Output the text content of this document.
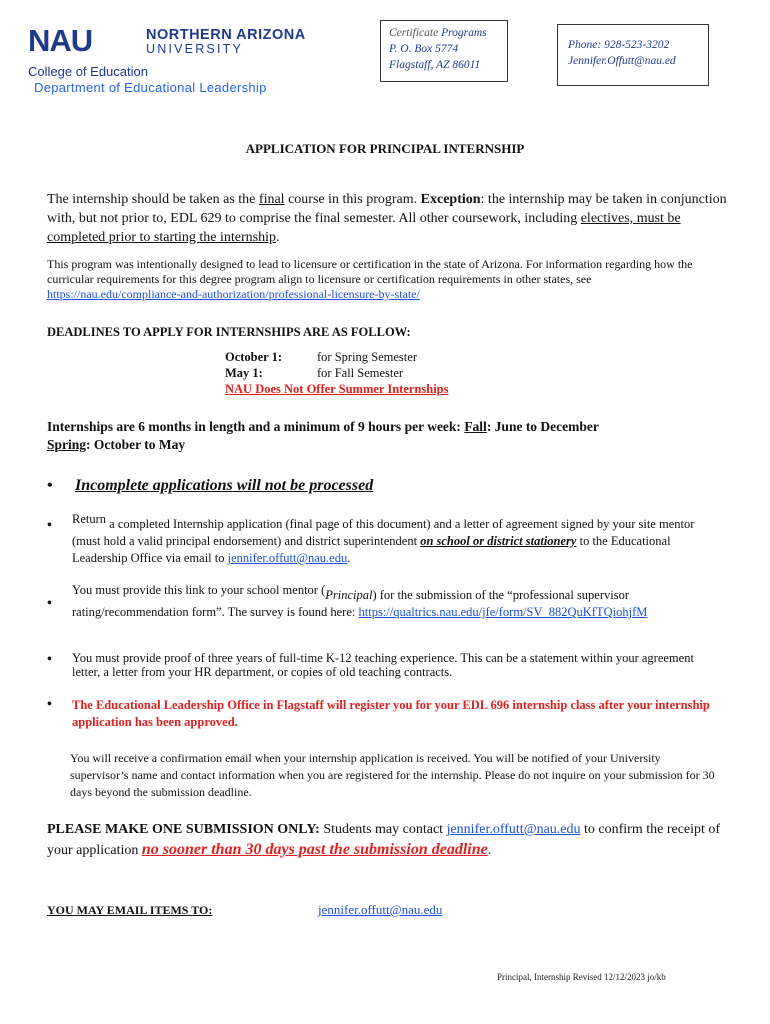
NAU	NORTHERN ARIZONA
UNIVERSITY
College of Education
Department of Educational Leadership
Certificate Programs
P. O. Box 5774
Flagstaff, AZ 86011
Phone: 928-523-3202
Jennifer.Offutt@nau.ed
APPLICATION FOR PRINCIPAL INTERNSHIP
The internship should be taken as the final course in this program. Exception: the internship may be taken in conjunction with, but not prior to, EDL 629 to comprise the final semester. All other coursework, including electives, must be completed prior to starting the internship.
This program was intentionally designed to lead to licensure or certification in the state of Arizona. For information regarding how the curricular requirements for this degree program align to licensure or certification requirements in other states, see https://nau.edu/compliance-and-authorization/professional-licensure-by-state/
DEADLINES TO APPLY FOR INTERNSHIPS ARE AS FOLLOW:
October 1:	for Spring Semester
May 1:	for Fall Semester
NAU Does Not Offer Summer Internships
Internships are 6 months in length and a minimum of 9 hours per week: Fall: June to December
Spring: October to May
• Incomplete applications will not be processed
• Return a completed Internship application (final page of this document) and a letter of agreement signed by your site mentor (must hold a valid principal endorsement) and district superintendent on school or district stationery to the Educational Leadership Office via email to jennifer.offutt@nau.edu.
•
You must provide this link to your school mentor (Principal) for the submission of the “professional supervisor rating/recommendation form”. The survey is found here: https://qualtrics.nau.edu/jfe/form/SV_882QuKfTQiohjfM
• You must provide proof of three years of full-time K-12 teaching experience. This can be a statement within your agreement letter, a letter from your HR department, or copies of old teaching contracts.
• The Educational Leadership Office in Flagstaff will register you for your EDL 696 internship class after your internship application has been approved.
You will receive a confirmation email when your internship application is received. You will be notified of your University supervisor’s name and contact information when you are registered for the internship. Please do not inquire on your submission for 30 days beyond the submission deadline.
PLEASE MAKE ONE SUBMISSION ONLY: Students may contact jennifer.offutt@nau.edu to confirm the receipt of your application no sooner than 30 days past the submission deadline.
YOU MAY EMAIL ITEMS TO:	jennifer.offutt@nau.edu
Principal, Internship Revised 12/12/2023 jo/kb
